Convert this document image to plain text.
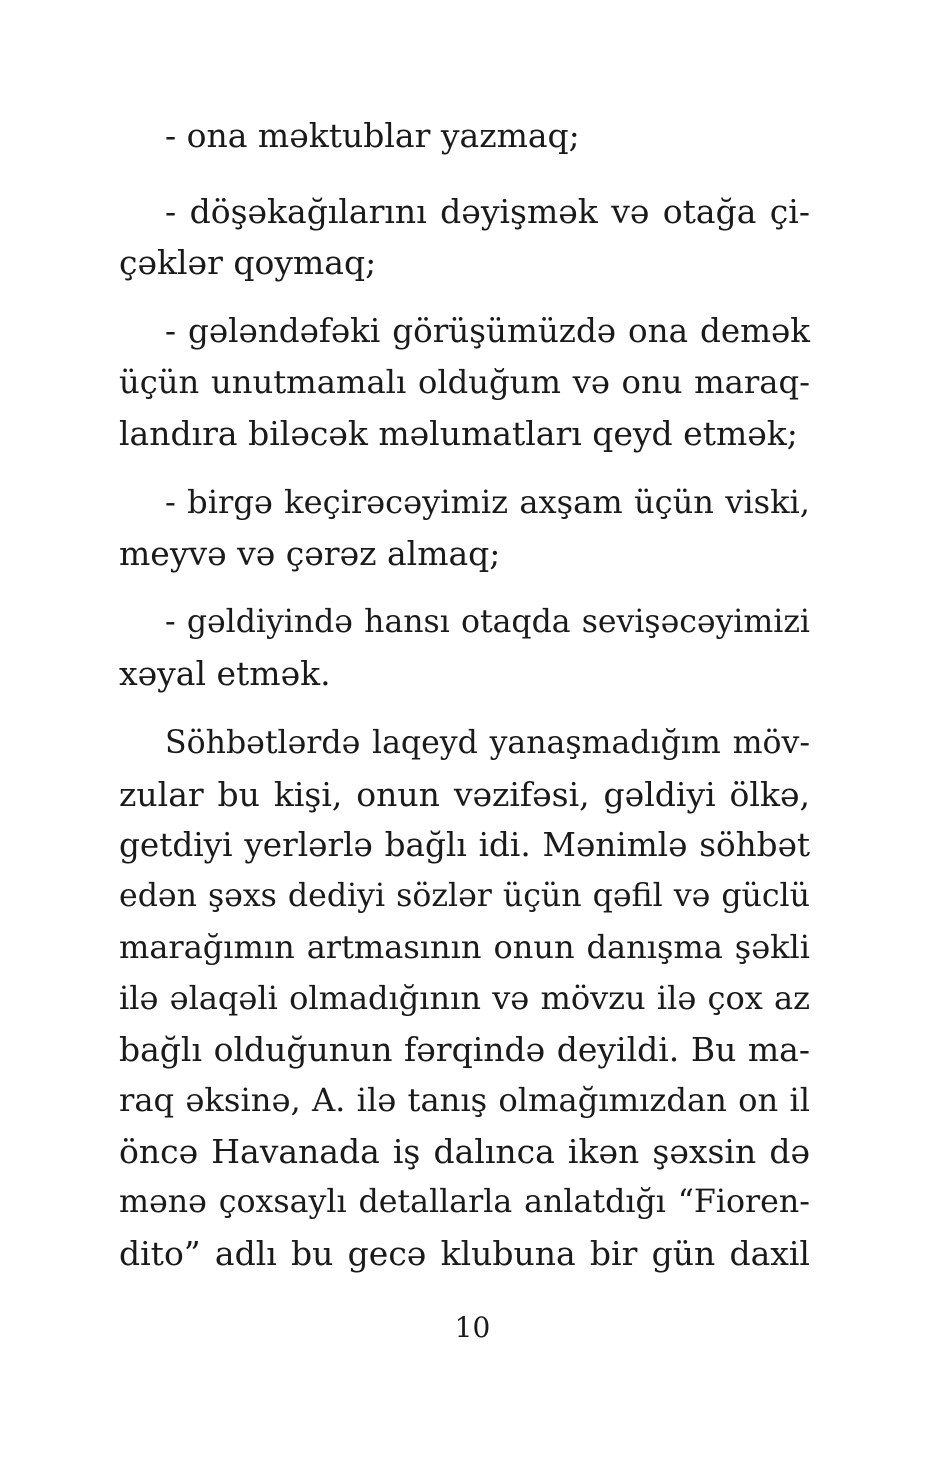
- ona məktublar yazmaq;
- döşəkağılarını dəyişmək və otağa çi-
çəklər qoymaq;
- gələndəfəki görüşümüzdə ona demək
üçün unutmamalı olduğum və onu maraq-
landıra biləcək məlumatları qeyd etmək;
- birgə keçirəcəyimiz axşam üçün viski,
meyvə və çərəz almaq;
- gəldiyində hansı otaqda sevişəcəyimizi
xəyal etmək.
Söhbətlərdə laqeyd yanaşmadığım möv-
zular bu kişi, onun vəzifəsi, gəldiyi ölkə,
getdiyi yerlərlə bağlı idi. Mənimlə söhbət
edən şəxs dediyi sözlər üçün qəfil və güclü
marağımın artmasının onun danışma şəkli
ilə əlaqəli olmadığının və mövzu ilə çox az
bağlı olduğunun fərqində deyildi. Bu ma-
raq əksinə, A. ilə tanış olmağımızdan on il
öncə Havanada iş dalınca ikən şəxsin də
mənə çoxsaylı detallarla anlatdığı “Fioren-
dito” adlı bu gecə klubuna bir gün daxil
10
